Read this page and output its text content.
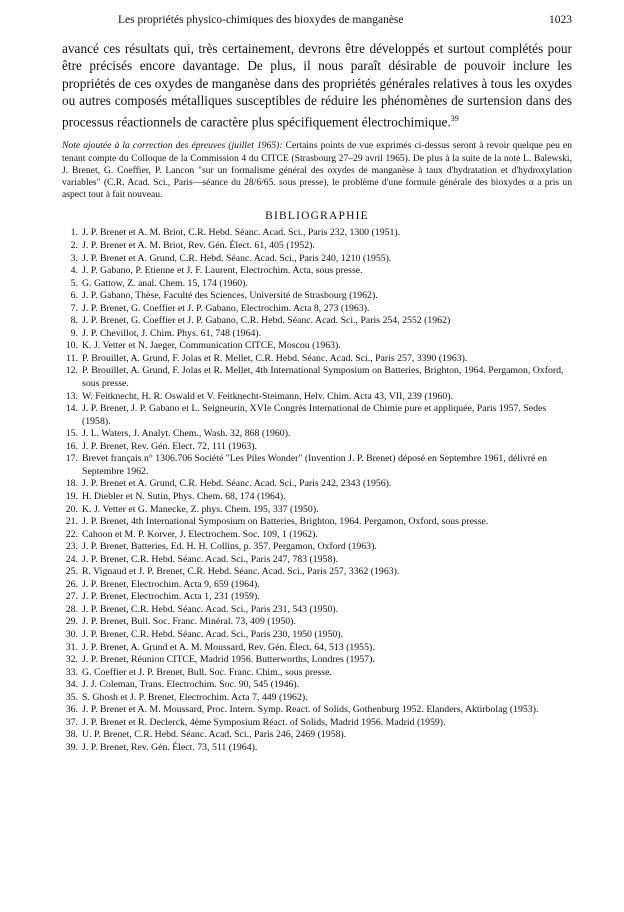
Les propriétés physico-chimiques des bioxydes de manganèse	1023

avancé ces résultats qui, très certainement, devrons être développés et surtout complétés pour être précisés encore davantage. De plus, il nous paraît désirable de pouvoir inclure les propriétés de ces oxydes de manganèse dans des propriétés générales relatives à tous les oxydes ou autres composés métalliques susceptibles de réduire les phénomènes de surtension dans des processus réactionnels de caractère plus spécifiquement électrochimique.$^{39}$

Note ajoutée à la correction des épreuves (juillet 1965): Certains points de vue exprimés ci-dessus seront à revoir quelque peu en tenant compte du Colloque de la Commission 4 du CITCE (Strasbourg 27–29 avril 1965). De plus à la suite de la note L. Balewski, J. Brenet, G. Coeffier, P. Lancon "sur un formalisme général des oxydes de manganèse à taux d'hydratation et d'hydroxylation variables" (C.R. Acad. Sci., Paris—séance du 28/6/65. sous presse), le problème d'une formule générale des bioxydes α a pris un aspect tout à fait nouveau.

BIBLIOGRAPHIE
1. J. P. Brenet et A. M. Briot, C.R. Hebd. Séanc. Acad. Sci., Paris 232, 1300 (1951).
2. J. P. Brenet et A. M. Briot, Rev. Gén. Élect. 61, 405 (1952).
3. J. P. Brenet et A. Grund, C.R. Hebd. Séanc. Acad. Sci., Paris 240, 1210 (1955).
4. J. P. Gabano, P. Etienne et J. F. Laurent, Electrochim. Acta, sous presse.
5. G. Gattow, Z. anal. Chem. 15, 174 (1960).
6. J. P. Gabano, Thèse, Faculté des Sciences, Université de Strasbourg (1962).
7. J. P. Brenet, G. Coeffier et J. P. Gabano, Electrochim. Acta 8, 273 (1963).
8. J. P. Brenet, G. Coeffier et J. P. Gabano, C.R. Hebd. Séanc. Acad. Sci., Paris 254, 2552 (1962)
9. J. P. Chevillot, J. Chim. Phys. 61, 748 (1964).
10. K. J. Vetter et N. Jaeger, Communication CITCE, Moscou (1963).
11. P. Brouillet, A. Grund, F. Jolas et R. Mellet, C.R. Hebd. Séanc. Acad. Sci., Paris 257, 3390 (1963).
12. P. Brouillet, A. Grund, F. Jolas et R. Mellet, 4th International Symposium on Batteries, Brighton, 1964. Pergamon, Oxford, sous presse.
13. W. Feitknecht, H. R. Oswald et V. Feitknecht-Steimann, Helv. Chim. Acta 43, VII, 239 (1960).
14. J. P. Brenet, J. P. Gabano et L. Seigneurin, XVIe Congrès International de Chimie pure et appliquée, Paris 1957. Sedes (1958).
15. J. L. Waters, J. Analyt. Chem., Wash. 32, 868 (1960).
16. J. P. Brenet, Rev. Gén. Elect. 72, 111 (1963).
17. Brevet français n° 1306.706 Société "Les Piles Wonder" (Invention J. P. Brenet) déposé en Septembre 1961, délivré en Septembre 1962.
18. J. P. Brenet et A. Grund, C.R. Hebd. Séanc. Acad. Sci., Paris 242, 2343 (1956).
19. H. Diebler et N. Sutin, Phys. Chem. 68, 174 (1964).
20. K. J. Vetter et G. Manecke, Z. phys. Chem. 195, 337 (1950).
21. J. P. Brenet, 4th International Symposium on Batteries, Brighton, 1964. Pergamon, Oxford, sous presse.
22. Cahoon et M. P. Korver, J. Electrochem. Soc. 109, 1 (1962).
23. J. P. Brenet, Batteries, Ed. H. H. Collins, p. 357. Pergamon, Oxford (1963).
24. J. P. Brenet, C.R. Hebd. Séanc. Acad. Sci., Paris 247, 783 (1958).
25. R. Vignaud et J. P. Brenet, C.R. Hebd. Séanc. Acad. Sci., Paris 257, 3362 (1963).
26. J. P. Brenet, Electrochim. Acta 9, 659 (1964).
27. J. P. Brenet, Electrochim. Acta 1, 231 (1959).
28. J. P. Brenet, C.R. Hebd. Séanc. Acad. Sci., Paris 231, 543 (1950).
29. J. P. Brenet, Bull. Soc. Franc. Minéral. 73, 409 (1950).
30. J. P. Brenet, C.R. Hebd. Séanc. Acad. Sci., Paris 230, 1950 (1950).
31. J. P. Brenet, A. Grund et A. M. Moussard, Rev. Gén. Élect. 64, 513 (1955).
32. J. P. Brenet, Réunion CITCE, Madrid 1956. Butterworths, Londres (1957).
33. G. Coeffier et J. P. Brenet, Bull. Soc. Franc. Chim., sous presse.
34. J. J. Coleman, Trans. Electrochim. Soc. 90, 545 (1946).
35. S. Ghosh et J. P. Brenet, Electrochim. Acta 7, 449 (1962).
36. J. P. Brenet et A. M. Moussard, Proc. Intern. Symp. React. of Solids, Gothenburg 1952. Elanders, Aktirbolag (1953).
37. J. P. Brenet et R. Declerck, 4ème Symposium Réact. of Solids, Madrid 1956. Madrid (1959).
38. U. P. Brenet, C.R. Hebd. Séanc. Acad. Sci., Paris 246, 2469 (1958).
39. J. P. Brenet, Rev. Gén. Élect. 73, 511 (1964).
